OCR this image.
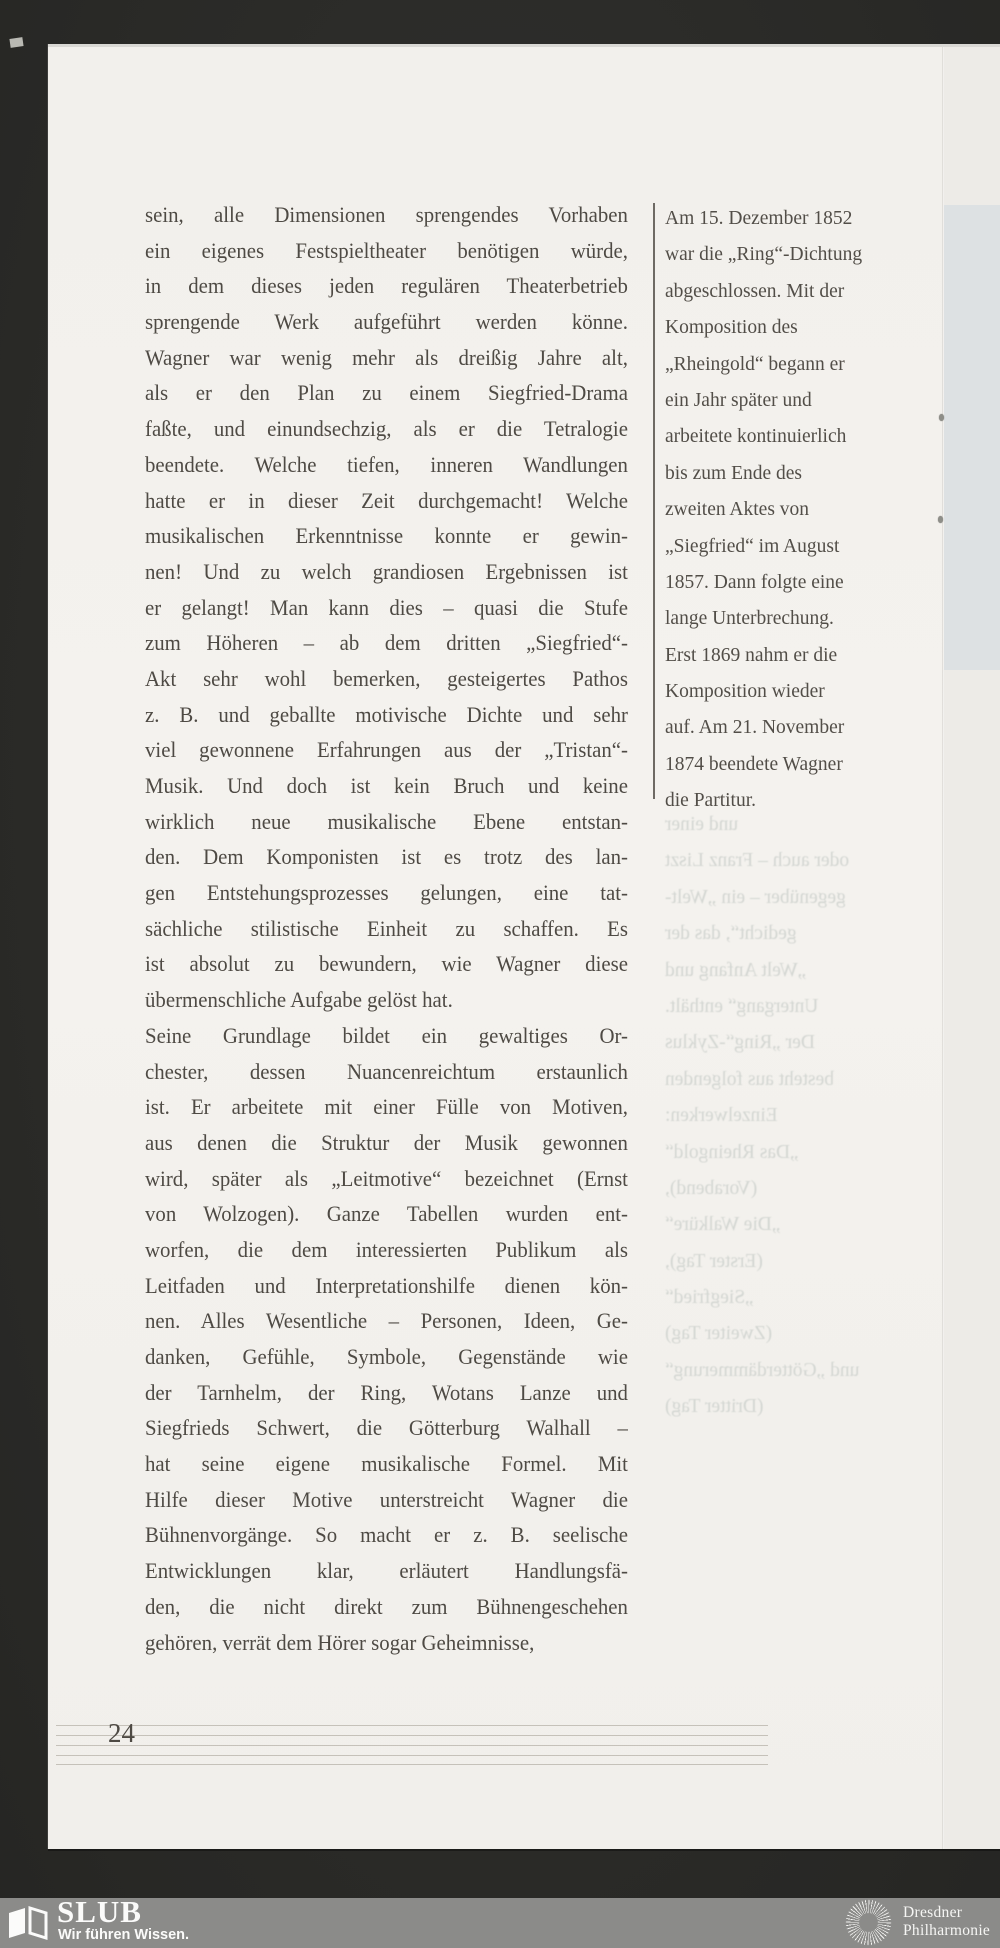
sein, alle Dimensionen sprengendes Vorhaben
ein eigenes Festspieltheater benötigen würde,
in dem dieses jeden regulären Theaterbetrieb
sprengende Werk aufgeführt werden könne.
Wagner war wenig mehr als dreißig Jahre alt,
als er den Plan zu einem Siegfried-Drama
faßte, und einundsechzig, als er die Tetralogie
beendete. Welche tiefen, inneren Wandlungen
hatte er in dieser Zeit durchgemacht! Welche
musikalischen Erkenntnisse konnte er gewin-
nen! Und zu welch grandiosen Ergebnissen ist
er gelangt! Man kann dies – quasi die Stufe
zum Höheren – ab dem dritten „Siegfried“-
Akt sehr wohl bemerken, gesteigertes Pathos
z. B. und geballte motivische Dichte und sehr
viel gewonnene Erfahrungen aus der „Tristan“-
Musik. Und doch ist kein Bruch und keine
wirklich neue musikalische Ebene entstan-
den. Dem Komponisten ist es trotz des lan-
gen Entstehungsprozesses gelungen, eine tat-
sächliche stilistische Einheit zu schaffen. Es
ist absolut zu bewundern, wie Wagner diese
übermenschliche Aufgabe gelöst hat.
Seine Grundlage bildet ein gewaltiges Or-
chester, dessen Nuancenreichtum erstaunlich
ist. Er arbeitete mit einer Fülle von Motiven,
aus denen die Struktur der Musik gewonnen
wird, später als „Leitmotive“ bezeichnet (Ernst
von Wolzogen). Ganze Tabellen wurden ent-
worfen, die dem interessierten Publikum als
Leitfaden und Interpretationshilfe dienen kön-
nen. Alles Wesentliche – Personen, Ideen, Ge-
danken, Gefühle, Symbole, Gegenstände wie
der Tarnhelm, der Ring, Wotans Lanze und
Siegfrieds Schwert, die Götterburg Walhall –
hat seine eigene musikalische Formel. Mit
Hilfe dieser Motive unterstreicht Wagner die
Bühnenvorgänge. So macht er z. B. seelische
Entwicklungen klar, erläutert Handlungsfä-
den, die nicht direkt zum Bühnengeschehen
gehören, verrät dem Hörer sogar Geheimnisse,
Am 15. Dezember 1852
war die „Ring“-Dichtung
abgeschlossen. Mit der
Komposition des
„Rheingold“ begann er
ein Jahr später und
arbeitete kontinuierlich
bis zum Ende des
zweiten Aktes von
„Siegfried“ im August
1857. Dann folgte eine
lange Unterbrechung.
Erst 1869 nahm er die
Komposition wieder
auf. Am 21. November
1874 beendete Wagner
die Partitur.
und einer
oder auch – Franz Liszt
gegenüber – ein „Welt-
gedicht“, das der
„Welt Anfang und
Untergang“ enthält.
Der „Ring“-Zyklus
besteht aus folgenden
Einzelwerken:
„Das Rheingold“
(Vorabend),
„Die Walküre“
(Erster Tag),
„Siegfried“
(Zweiter Tag)
und „Götterdämmerung“
(Dritter Tag)
24
SLUB
Wir führen Wissen.
Dresdner
Philharmonie
